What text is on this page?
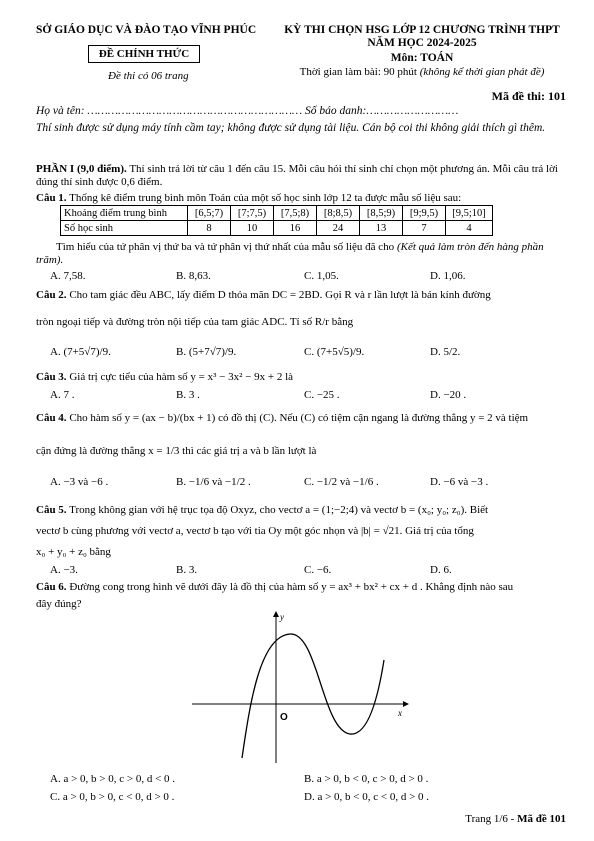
SỞ GIÁO DỤC VÀ ĐÀO TẠO VĨNH PHÚC
ĐỀ CHÍNH THỨC
Đề thi có 06 trang
KỲ THI CHỌN HSG LỚP 12 CHƯƠNG TRÌNH THPT
NĂM HỌC 2024-2025
Môn: TOÁN
Thời gian làm bài: 90 phút (không kể thời gian phát đề)
Mã đề thi: 101
Họ và tên: ……………………………………………………… Số báo danh:………………………
Thí sinh được sử dụng máy tính cầm tay; không được sử dụng tài liệu. Cán bộ coi thi không giải thích gì thêm.
PHẦN I (9,0 điểm). Thí sinh trả lời từ câu 1 đến câu 15. Mỗi câu hỏi thí sinh chỉ chọn một phương án. Mỗi câu trả lời đúng thí sinh được 0,6 điểm.
Câu 1. Thống kê điểm trung bình môn Toán của một số học sinh lớp 12 ta được mẫu số liệu sau:
Khoảng điểm trung bình	[6,5;7)	[7;7,5)	[7,5;8)	[8;8,5)	[8,5;9)	[9;9,5)	[9,5;10]
Số học sinh	8	10	16	24	13	7	4
Tìm hiểu của tứ phân vị thứ ba và tứ phân vị thứ nhất của mẫu số liệu đã cho (Kết quả làm tròn đến hàng phần trăm).
A. 7,58.	B. 8,63.	C. 1,05.	D. 1,06.
Câu 2. Cho tam giác đều ABC, lấy điểm D thỏa mãn DC = 2BD. Gọi R và r lần lượt là bán kính đường
tròn ngoại tiếp và đường tròn nội tiếp của tam giác ADC. Tỉ số R/r bằng
A. (7+5√7)/9.	B. (5+7√7)/9.	C. (7+5√5)/9.	D. 5/2.
Câu 3. Giá trị cực tiểu của hàm số y = x³ − 3x² − 9x + 2 là
A. 7 .	B. 3 .	C. −25 .	D. −20 .
Câu 4. Cho hàm số y = (ax − b)/(bx + 1) có đồ thị (C). Nếu (C) có tiệm cận ngang là đường thẳng y = 2 và tiệm
cận đứng là đường thẳng x = 1/3 thì các giá trị a và b lần lượt là
A. −3 và −6 .	B. −1/6 và −1/2 .	C. −1/2 và −1/6 .	D. −6 và −3 .
Câu 5. Trong không gian với hệ trục tọa độ Oxyz, cho vectơ a = (1;−2;4) và vectơ b = (x₀; y₀; z₀). Biết
vectơ b cùng phương với vectơ a, vectơ b tạo với tia Oy một góc nhọn và |b| = √21. Giá trị của tổng
x₀ + y₀ + z₀ bằng
A. −3.	B. 3.	C. −6.	D. 6.
Câu 6. Đường cong trong hình vẽ dưới đây là đồ thị của hàm số y = ax³ + bx² + cx + d . Khẳng định nào sau
đây đúng?
y
x
O
A. a > 0, b > 0, c > 0, d < 0 .	B. a > 0, b < 0, c > 0, d > 0 .
C. a > 0, b > 0, c < 0, d > 0 .	D. a > 0, b < 0, c < 0, d > 0 .
Trang 1/6 - Mã đề 101
